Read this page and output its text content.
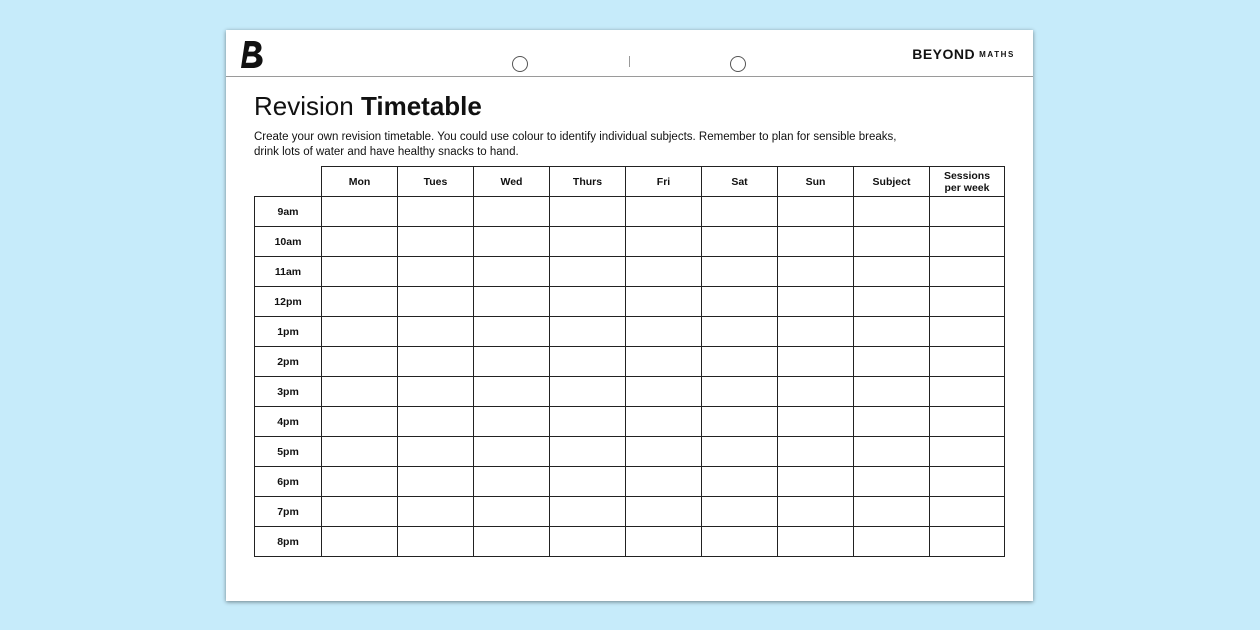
BEYOND $^{MATHS}$
Revision Timetable

Create your own revision timetable. You could use colour to identify individual subjects. Remember to plan for sensible breaks,
drink lots of water and have healthy snacks to hand.

	Mon	Tues	Wed	Thurs	Fri	Sat	Sun	Subject	Sessions
per week
9am									
10am									
11am									
12pm									
1pm									
2pm									
3pm									
4pm									
5pm									
6pm									
7pm									
8pm									
